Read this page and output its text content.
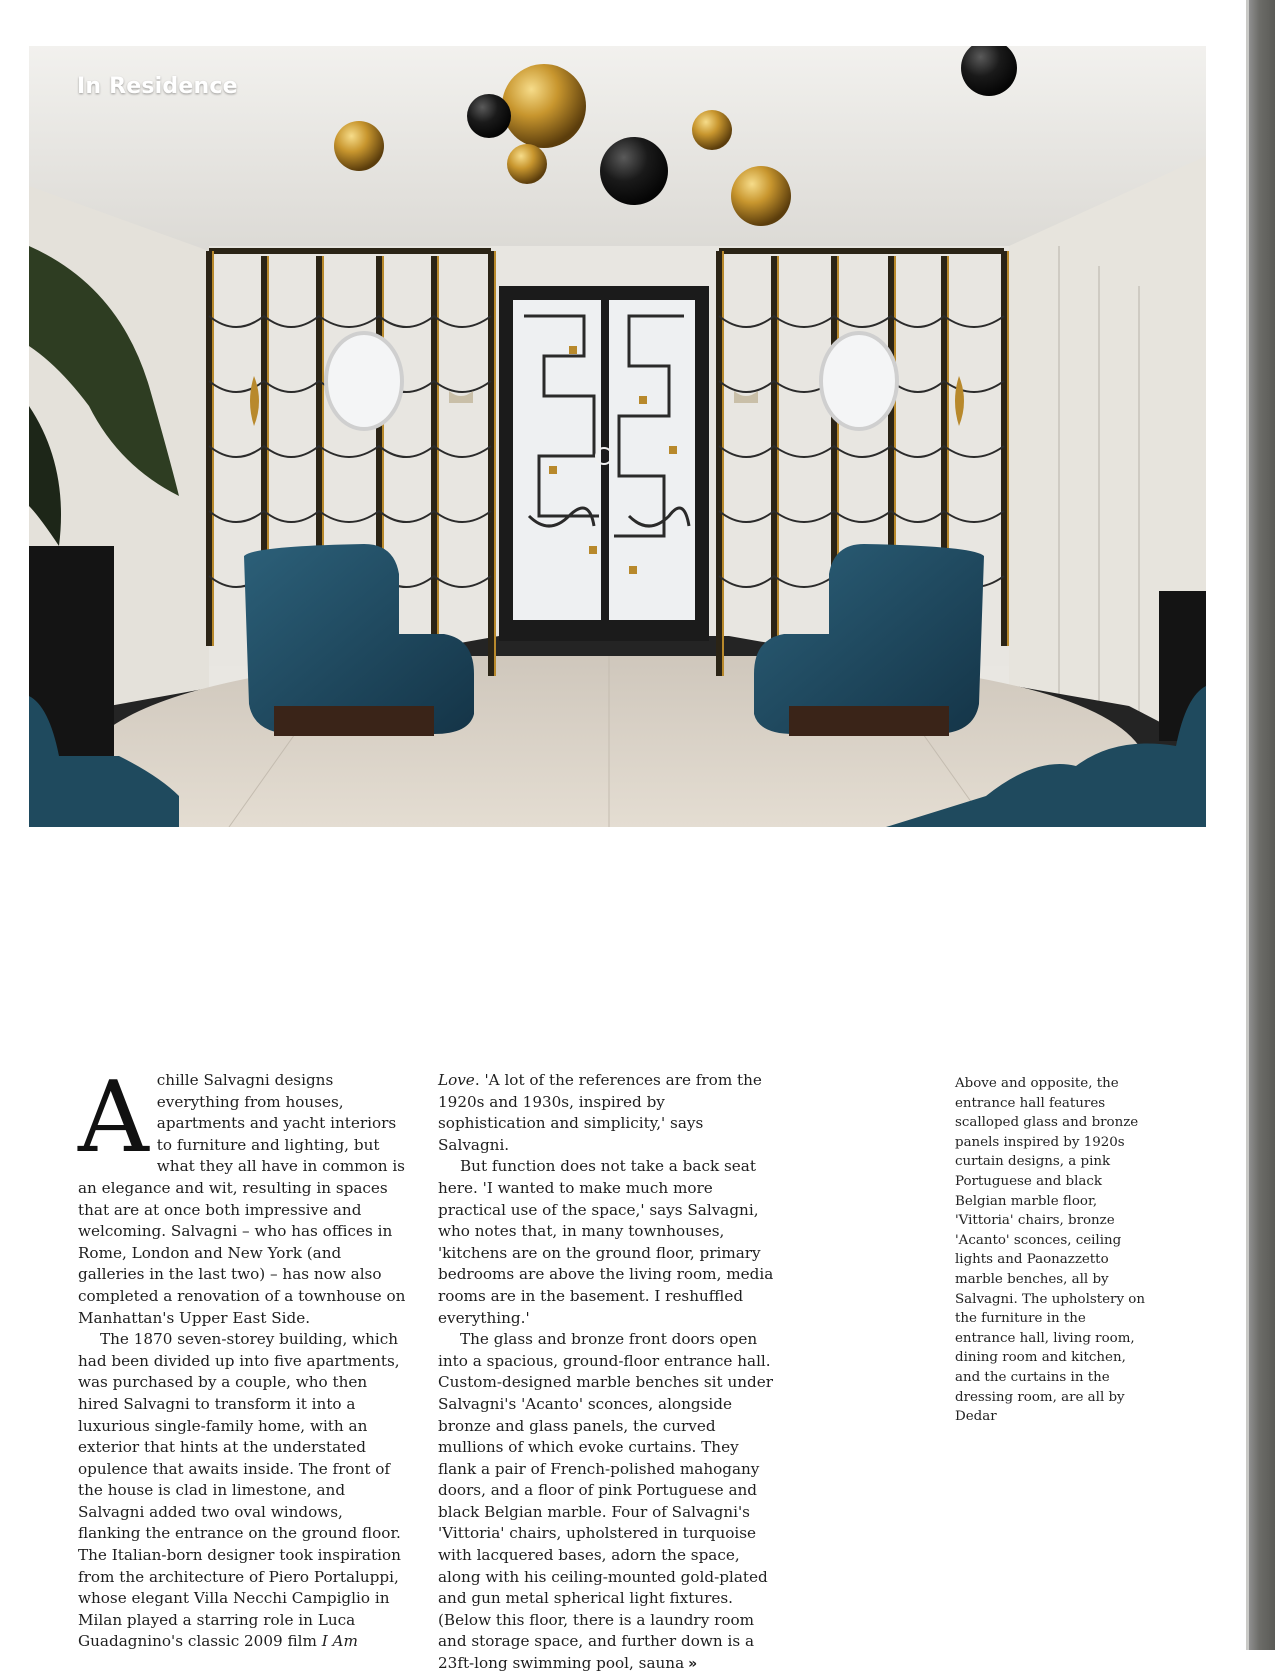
In Residence
A chille Salvagni designs everything from houses, apartments and yacht interiors to furniture and lighting, but what they all have in common is an elegance and wit, resulting in spaces that are at once both impressive and welcoming. Salvagni – who has offices in Rome, London and New York (and galleries in the last two) – has now also completed a renovation of a townhouse on Manhattan's Upper East Side.

The 1870 seven-storey building, which had been divided up into five apartments, was purchased by a couple, who then hired Salvagni to transform it into a luxurious single-family home, with an exterior that hints at the understated opulence that awaits inside. The front of the house is clad in limestone, and Salvagni added two oval windows, flanking the entrance on the ground floor. The Italian-born designer took inspiration from the architecture of Piero Portaluppi, whose elegant Villa Necchi Campiglio in Milan played a starring role in Luca Guadagnino's classic 2009 film I Am

Love. 'A lot of the references are from the 1920s and 1930s, inspired by sophistication and simplicity,' says Salvagni.

But function does not take a back seat here. 'I wanted to make much more practical use of the space,' says Salvagni, who notes that, in many townhouses, 'kitchens are on the ground floor, primary bedrooms are above the living room, media rooms are in the basement. I reshuffled everything.'

The glass and bronze front doors open into a spacious, ground-floor entrance hall. Custom-designed marble benches sit under Salvagni's 'Acanto' sconces, alongside bronze and glass panels, the curved mullions of which evoke curtains. They flank a pair of French-polished mahogany doors, and a floor of pink Portuguese and black Belgian marble. Four of Salvagni's 'Vittoria' chairs, upholstered in turquoise with lacquered bases, adorn the space, along with his ceiling-mounted gold-plated and gun metal spherical light fixtures. (Below this floor, there is a laundry room and storage space, and further down is a 23ft-long swimming pool, sauna »

Above and opposite, the entrance hall features scalloped glass and bronze panels inspired by 1920s curtain designs, a pink Portuguese and black Belgian marble floor, 'Vittoria' chairs, bronze 'Acanto' sconces, ceiling lights and Paonazzetto marble benches, all by Salvagni. The upholstery on the furniture in the entrance hall, living room, dining room and kitchen, and the curtains in the dressing room, are all by Dedar
